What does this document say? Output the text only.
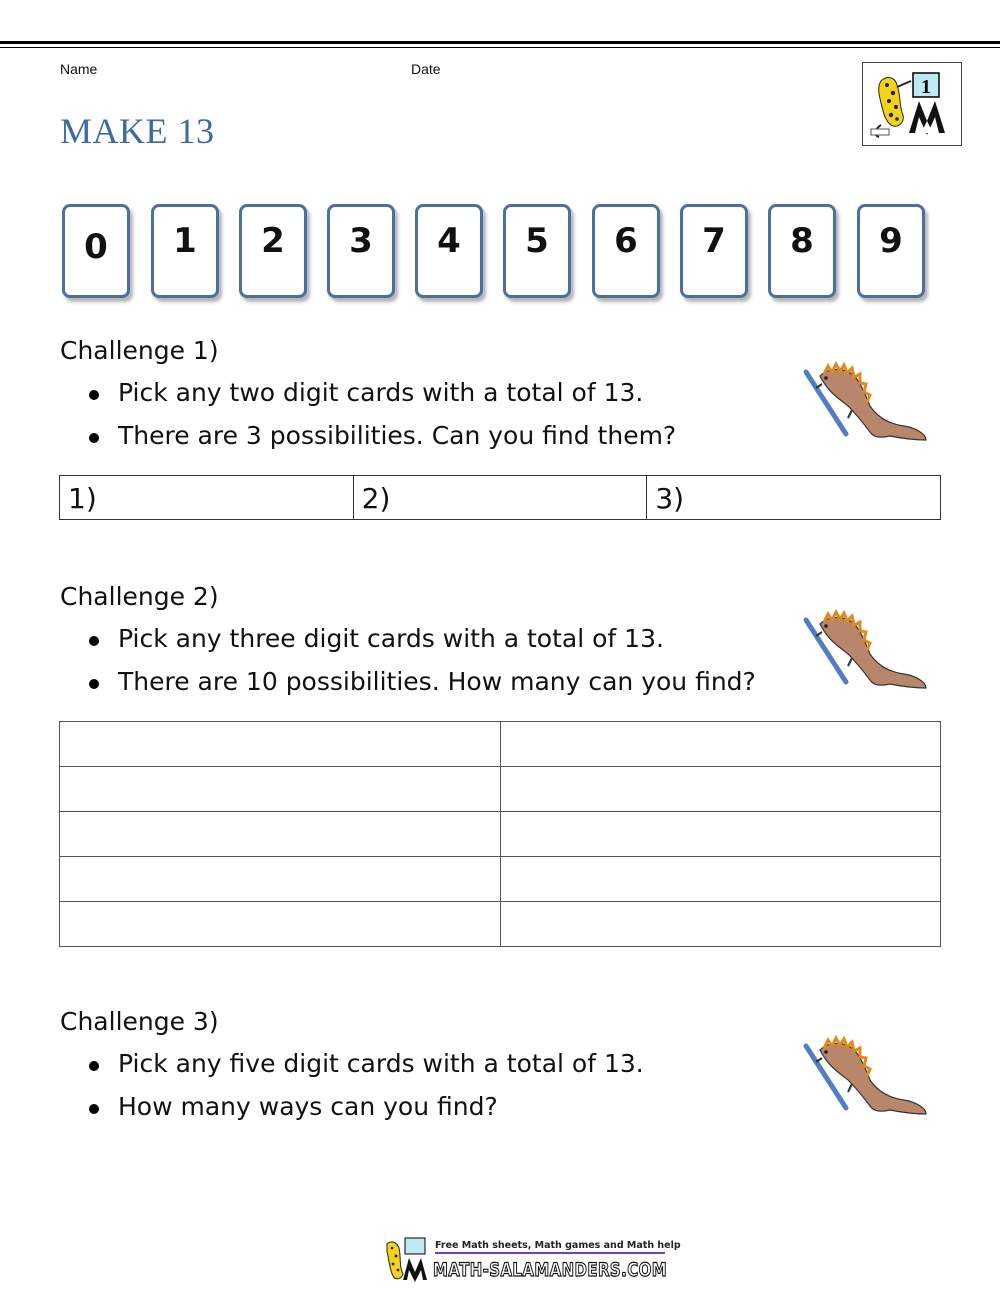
Name	Date
MAKE 13
1
0	1	2	3	4	5	6	7	8	9
Challenge 1)
Pick any two digit cards with a total of 13.
There are 3 possibilities. Can you find them?
1)	2)	3)
Challenge 2)
Pick any three digit cards with a total of 13.
There are 10 possibilities. How many can you find?

Challenge 3)
Pick any five digit cards with a total of 13.
How many ways can you find?
Free Math sheets, Math games and Math help
MATH-SALAMANDERS.COM
